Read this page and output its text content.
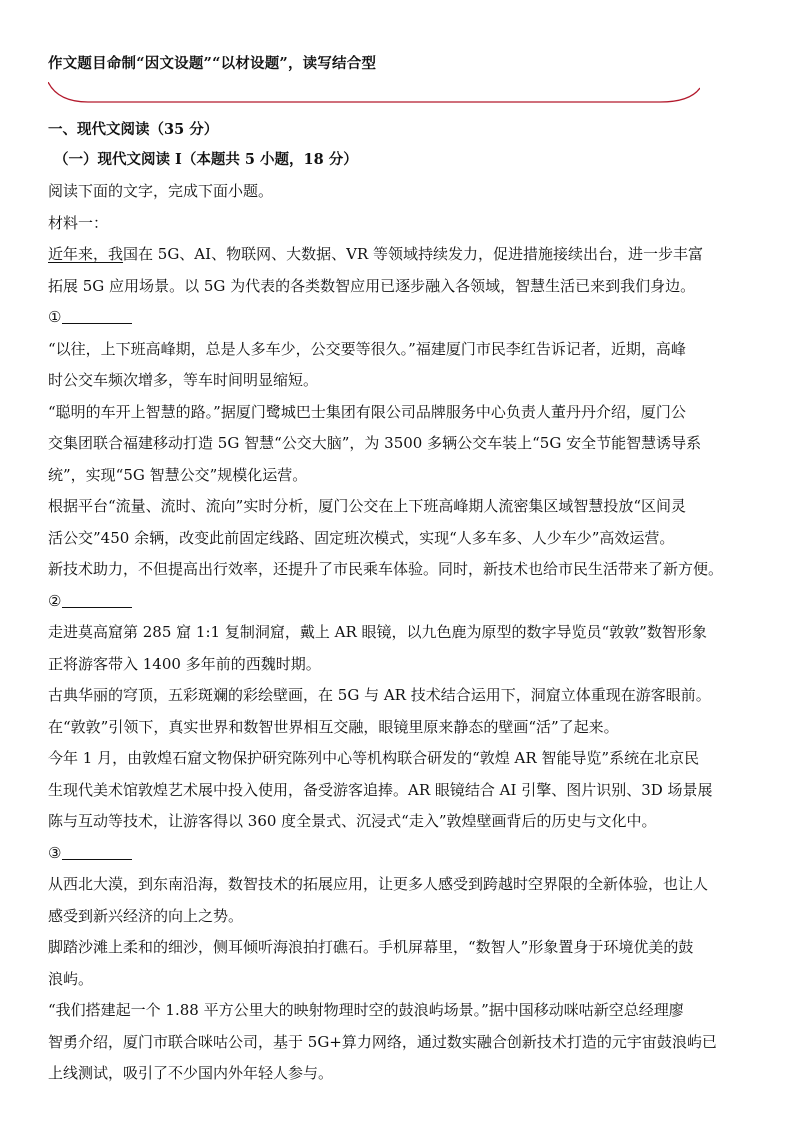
作文题目命制“因文设题”“以材设题”，读写结合型
一、现代文阅读（35 分）
（一）现代文阅读 I（本题共 5 小题，18 分）
阅读下面的文字，完成下面小题。
材料一：
近年来，我国在 5G、AI、物联网、大数据、VR 等领域持续发力，促进措施接续出台，进一步丰富
拓展 5G 应用场景。以 5G 为代表的各类数智应用已逐步融入各领域，智慧生活已来到我们身边。
①
“以往，上下班高峰期，总是人多车少，公交要等很久。”福建厦门市民李红告诉记者，近期，高峰
时公交车频次增多，等车时间明显缩短。
“聪明的车开上智慧的路。”据厦门鹭城巴士集团有限公司品牌服务中心负责人董丹丹介绍，厦门公
交集团联合福建移动打造 5G 智慧“公交大脑”，为 3500 多辆公交车装上“5G 安全节能智慧诱导系
统”，实现“5G 智慧公交”规模化运营。
根据平台“流量、流时、流向”实时分析，厦门公交在上下班高峰期人流密集区域智慧投放“区间灵
活公交”450 余辆，改变此前固定线路、固定班次模式，实现“人多车多、人少车少”高效运营。
新技术助力，不但提高出行效率，还提升了市民乘车体验。同时，新技术也给市民生活带来了新方便。
②
走进莫高窟第 285 窟 1:1 复制洞窟，戴上 AR 眼镜，以九色鹿为原型的数字导览员“敦敦”数智形象
正将游客带入 1400 多年前的西魏时期。
古典华丽的穹顶，五彩斑斓的彩绘壁画，在 5G 与 AR 技术结合运用下，洞窟立体重现在游客眼前。
在“敦敦”引领下，真实世界和数智世界相互交融，眼镜里原来静态的壁画“活”了起来。
今年 1 月，由敦煌石窟文物保护研究陈列中心等机构联合研发的“敦煌 AR 智能导览”系统在北京民
生现代美术馆敦煌艺术展中投入使用，备受游客追捧。AR 眼镜结合 AI 引擎、图片识别、3D 场景展
陈与互动等技术，让游客得以 360 度全景式、沉浸式“走入”敦煌壁画背后的历史与文化中。
③
从西北大漠，到东南沿海，数智技术的拓展应用，让更多人感受到跨越时空界限的全新体验，也让人
感受到新兴经济的向上之势。
脚踏沙滩上柔和的细沙，侧耳倾听海浪拍打礁石。手机屏幕里，“数智人”形象置身于环境优美的鼓
浪屿。
“我们搭建起一个 1.88 平方公里大的映射物理时空的鼓浪屿场景。”据中国移动咪咕新空总经理廖
智勇介绍，厦门市联合咪咕公司，基于 5G+算力网络，通过数实融合创新技术打造的元宇宙鼓浪屿已
上线测试，吸引了不少国内外年轻人参与。
